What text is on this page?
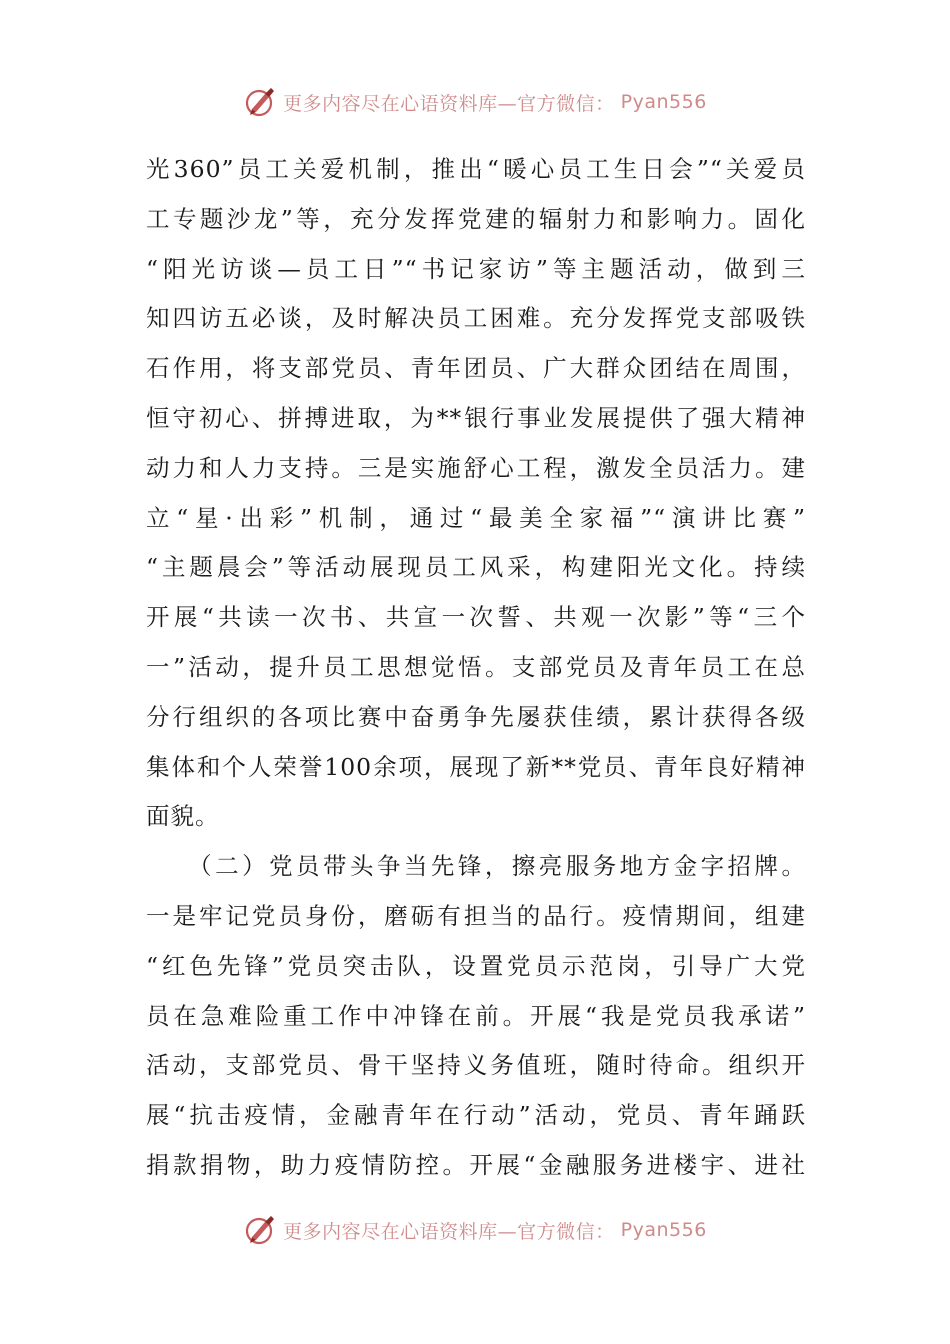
更多内容尽在心语资料库—官方微信： Pyan556
光360”员工关爱机制，推出“暖心员工生日会”“关爱员
工专题沙龙”等，充分发挥党建的辐射力和影响力。固化
“阳光访谈—员工日”“书记家访”等主题活动，做到三
知四访五必谈，及时解决员工困难。充分发挥党支部吸铁
石作用，将支部党员、青年团员、广大群众团结在周围，
恒守初心、拼搏进取，为**银行事业发展提供了强大精神
动力和人力支持。三是实施舒心工程，激发全员活力。建
立“星·出彩”机制，通过“最美全家福”“演讲比赛”
“主题晨会”等活动展现员工风采，构建阳光文化。持续
开展“共读一次书、共宣一次誓、共观一次影”等“三个
一”活动，提升员工思想觉悟。支部党员及青年员工在总
分行组织的各项比赛中奋勇争先屡获佳绩，累计获得各级
集体和个人荣誉100余项，展现了新**党员、青年良好精神
面貌。
　　（二）党员带头争当先锋，擦亮服务地方金字招牌。
一是牢记党员身份，磨砺有担当的品行。疫情期间，组建
“红色先锋”党员突击队，设置党员示范岗，引导广大党
员在急难险重工作中冲锋在前。开展“我是党员我承诺”
活动，支部党员、骨干坚持义务值班，随时待命。组织开
展“抗击疫情，金融青年在行动”活动，党员、青年踊跃
捐款捐物，助力疫情防控。开展“金融服务进楼宇、进社
更多内容尽在心语资料库—官方微信： Pyan556
